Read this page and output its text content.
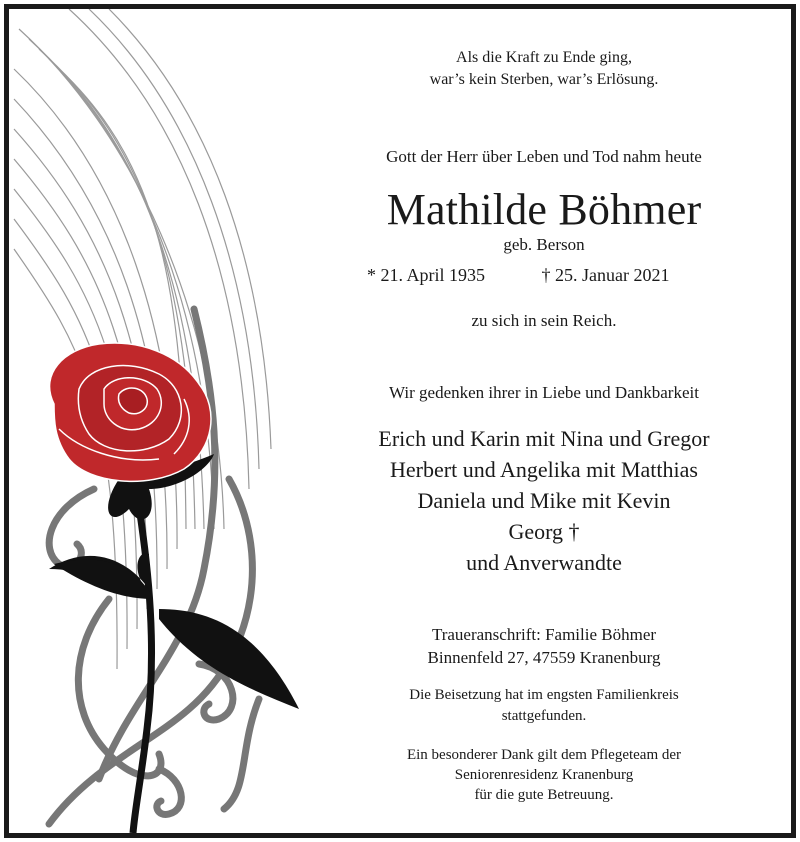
Als die Kraft zu Ende ging,
war’s kein Sterben, war’s Erlösung.
Gott der Herr über Leben und Tod nahm heute
Mathilde Böhmer
geb. Berson
* 21. April 1935	† 25. Januar 2021
zu sich in sein Reich.
Wir gedenken ihrer in Liebe und Dankbarkeit
Erich und Karin mit Nina und Gregor
Herbert und Angelika mit Matthias
Daniela und Mike mit Kevin
Georg †
und Anverwandte
Traueranschrift: Familie Böhmer
Binnenfeld 27, 47559 Kranenburg
Die Beisetzung hat im engsten Familienkreis
stattgefunden.
Ein besonderer Dank gilt dem Pflegeteam der
Seniorenresidenz Kranenburg
für die gute Betreuung.
